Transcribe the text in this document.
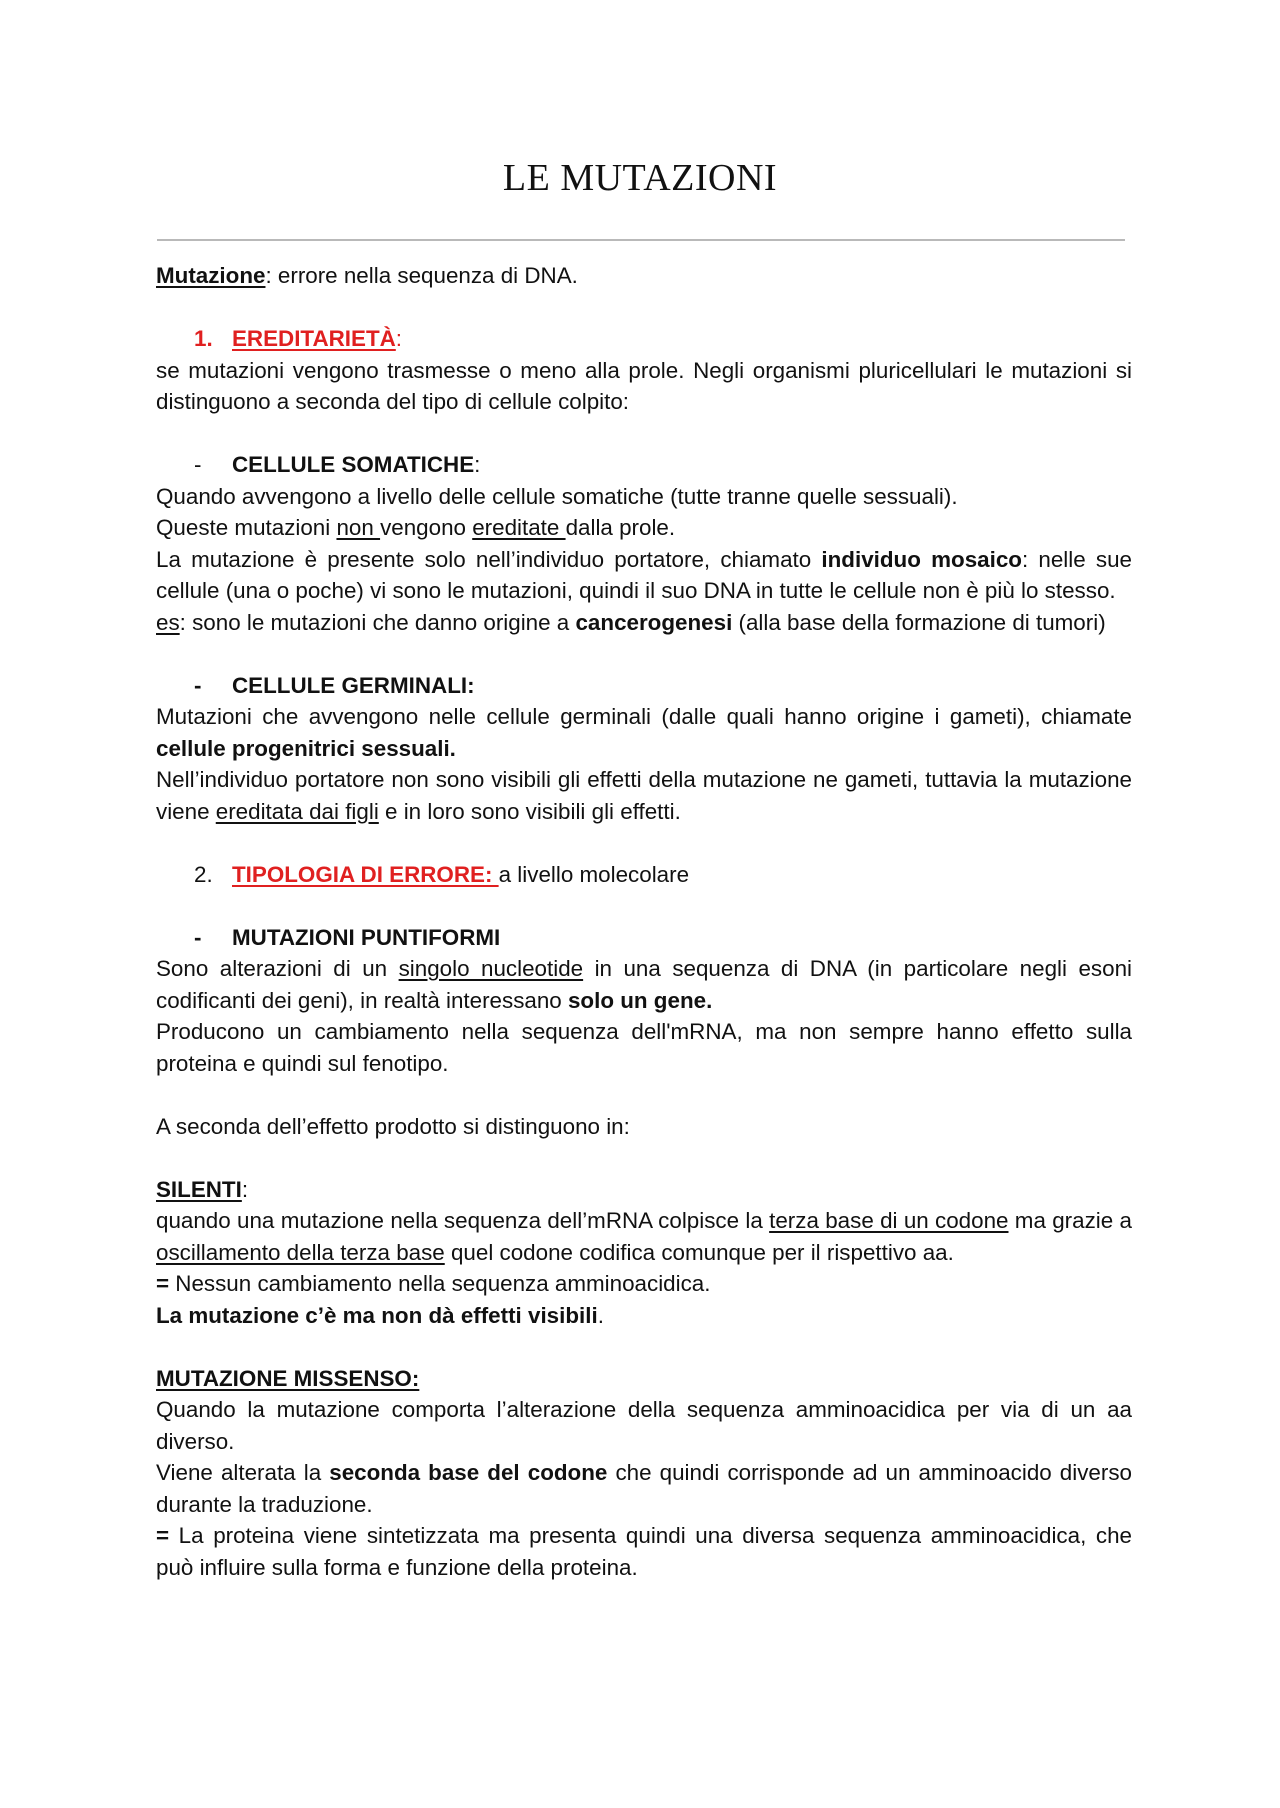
LE MUTAZIONI

Mutazione: errore nella sequenza di DNA.

1. EREDITARIETÀ:

se mutazioni vengono trasmesse o meno alla prole. Negli organismi pluricellulari le mutazioni si distinguono a seconda del tipo di cellule colpito:

- CELLULE SOMATICHE:

Quando avvengono a livello delle cellule somatiche (tutte tranne quelle sessuali).

Queste mutazioni non vengono ereditate dalla prole.

La mutazione è presente solo nell’individuo portatore, chiamato individuo mosaico: nelle sue cellule (una o poche) vi sono le mutazioni, quindi il suo DNA in tutte le cellule non è più lo stesso.

es: sono le mutazioni che danno origine a cancerogenesi (alla base della formazione di tumori)

- CELLULE GERMINALI:

Mutazioni che avvengono nelle cellule germinali (dalle quali hanno origine i gameti), chiamate cellule progenitrici sessuali.

Nell’individuo portatore non sono visibili gli effetti della mutazione ne gameti, tuttavia la mutazione viene ereditata dai figli e in loro sono visibili gli effetti.

2. TIPOLOGIA DI ERRORE: a livello molecolare

- MUTAZIONI PUNTIFORMI

Sono alterazioni di un singolo nucleotide in una sequenza di DNA (in particolare negli esoni codificanti dei geni), in realtà interessano solo un gene.

Producono un cambiamento nella sequenza dell'mRNA, ma non sempre hanno effetto sulla proteina e quindi sul fenotipo.

A seconda dell’effetto prodotto si distinguono in:

SILENTI:

quando una mutazione nella sequenza dell’mRNA colpisce la terza base di un codone ma grazie a oscillamento della terza base quel codone codifica comunque per il rispettivo aa.

= Nessun cambiamento nella sequenza amminoacidica.

La mutazione c’è ma non dà effetti visibili.

MUTAZIONE MISSENSO:

Quando la mutazione comporta l’alterazione della sequenza amminoacidica per via di un aa diverso.

Viene alterata la seconda base del codone che quindi corrisponde ad un amminoacido diverso durante la traduzione.

= La proteina viene sintetizzata ma presenta quindi una diversa sequenza amminoacidica, che può influire sulla forma e funzione della proteina.
